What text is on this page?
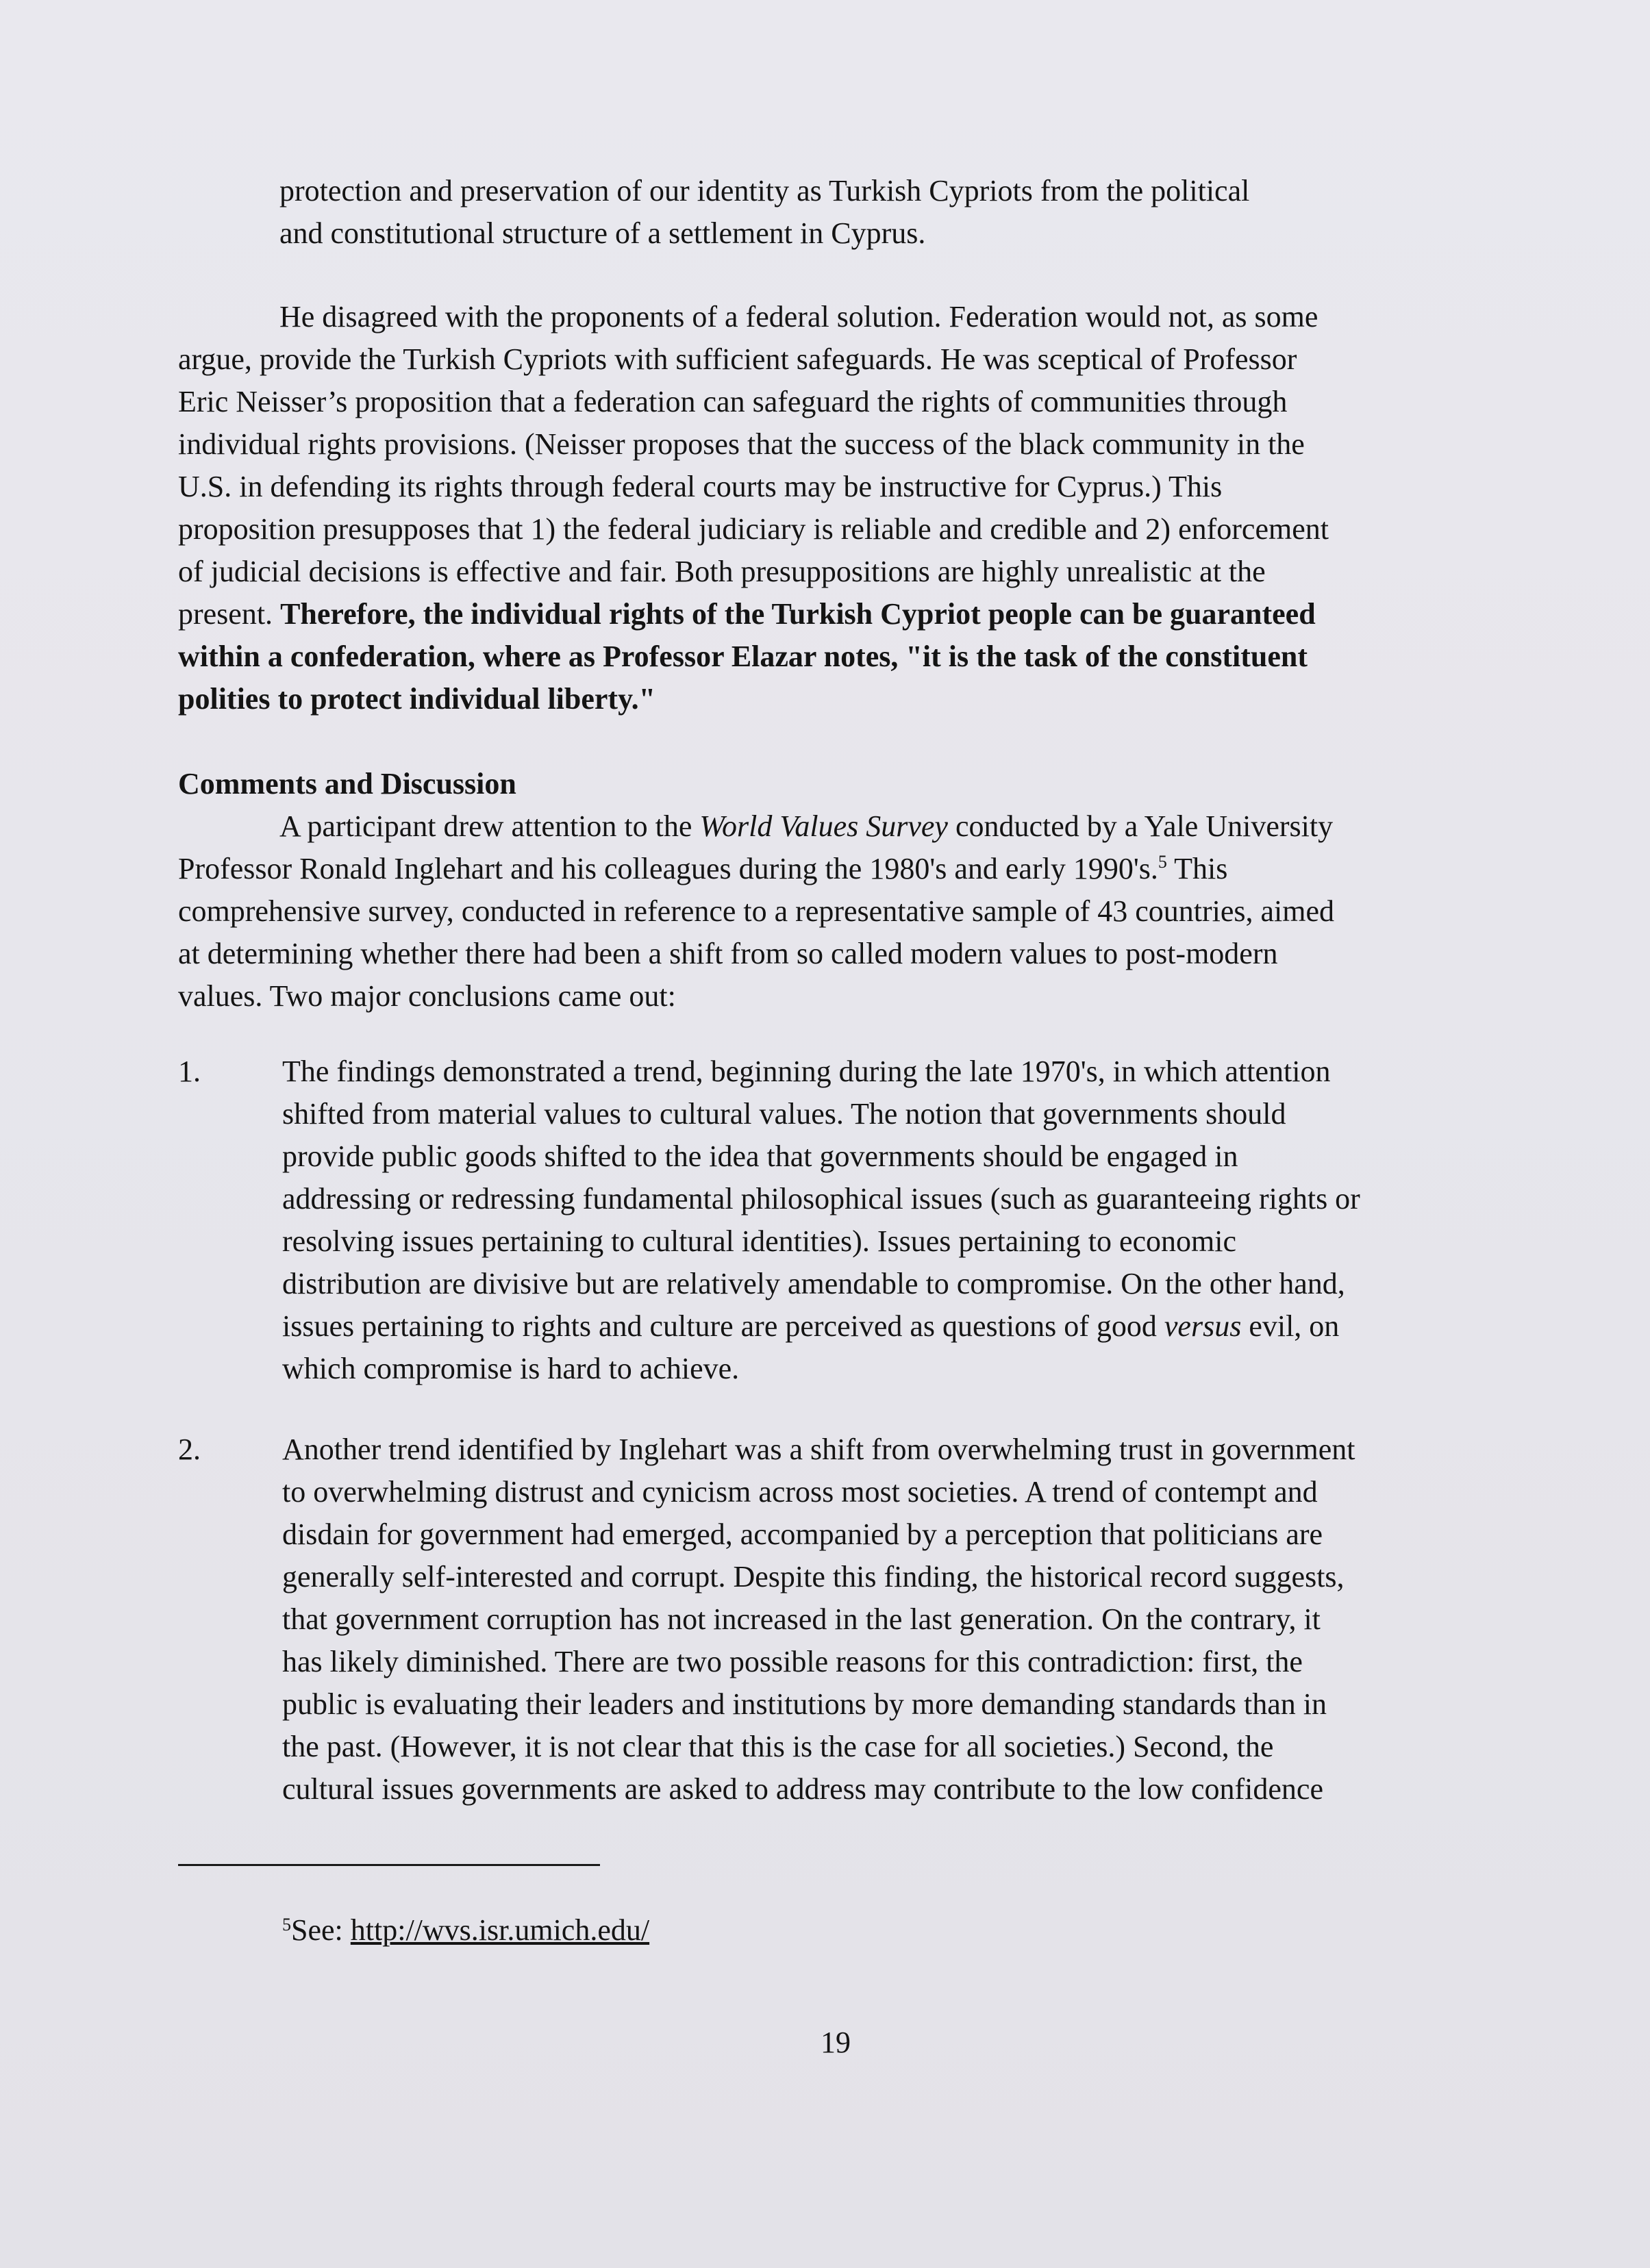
protection and preservation of our identity as Turkish Cypriots from the political
and constitutional structure of a settlement in Cyprus.
He disagreed with the proponents of a federal solution. Federation would not, as some
argue, provide the Turkish Cypriots with sufficient safeguards. He was sceptical of Professor
Eric Neisser’s proposition that a federation can safeguard the rights of communities through
individual rights provisions. (Neisser proposes that the success of the black community in the
U.S. in defending its rights through federal courts may be instructive for Cyprus.) This
proposition presupposes that 1) the federal judiciary is reliable and credible and 2) enforcement
of judicial decisions is effective and fair. Both presuppositions are highly unrealistic at the
present. Therefore, the individual rights of the Turkish Cypriot people can be guaranteed
within a confederation, where as Professor Elazar notes, "it is the task of the constituent
polities to protect individual liberty."
Comments and Discussion
A participant drew attention to the World Values Survey conducted by a Yale University
Professor Ronald Inglehart and his colleagues during the 1980's and early 1990's.$^5$ This
comprehensive survey, conducted in reference to a representative sample of 43 countries, aimed
at determining whether there had been a shift from so called modern values to post-modern
values. Two major conclusions came out:
1.	The findings demonstrated a trend, beginning during the late 1970's, in which attention
shifted from material values to cultural values. The notion that governments should
provide public goods shifted to the idea that governments should be engaged in
addressing or redressing fundamental philosophical issues (such as guaranteeing rights or
resolving issues pertaining to cultural identities). Issues pertaining to economic
distribution are divisive but are relatively amendable to compromise. On the other hand,
issues pertaining to rights and culture are perceived as questions of good versus evil, on
which compromise is hard to achieve.
2.	Another trend identified by Inglehart was a shift from overwhelming trust in government
to overwhelming distrust and cynicism across most societies. A trend of contempt and
disdain for government had emerged, accompanied by a perception that politicians are
generally self-interested and corrupt. Despite this finding, the historical record suggests,
that government corruption has not increased in the last generation. On the contrary, it
has likely diminished. There are two possible reasons for this contradiction: first, the
public is evaluating their leaders and institutions by more demanding standards than in
the past. (However, it is not clear that this is the case for all societies.) Second, the
cultural issues governments are asked to address may contribute to the low confidence
$^5$See: http://wvs.isr.umich.edu/
19
